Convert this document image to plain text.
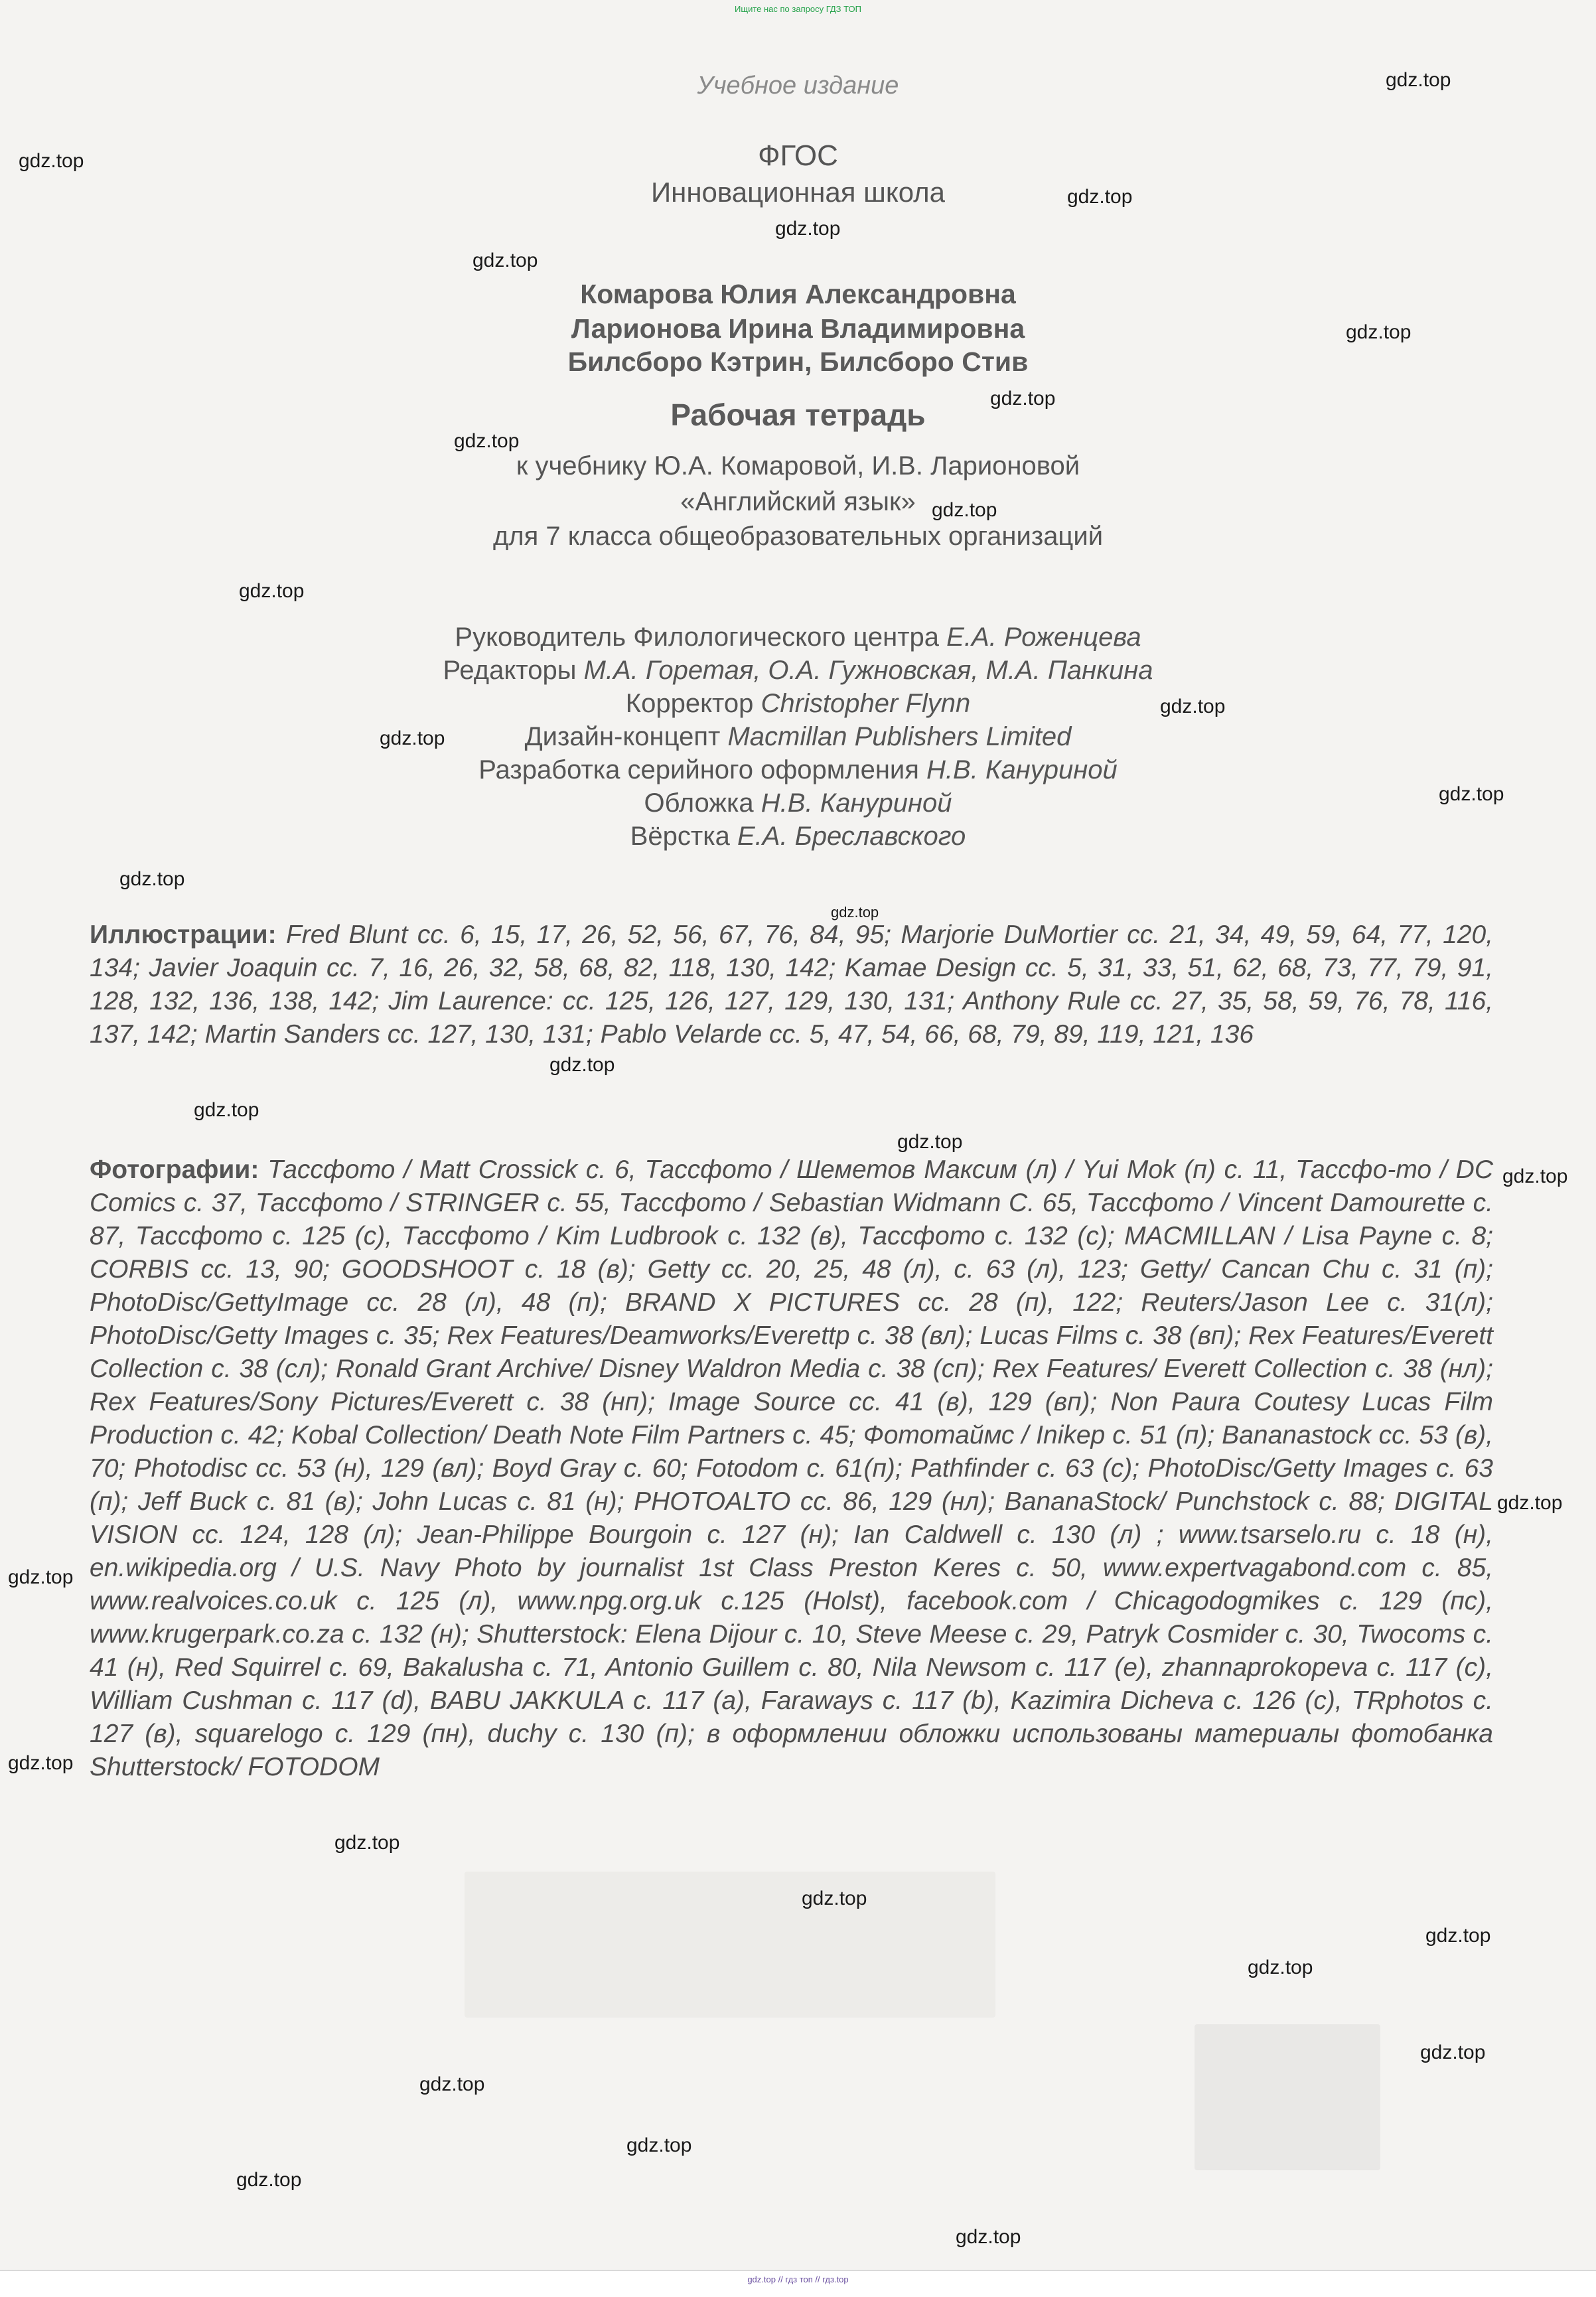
Ищите нас по запросу ГДЗ ТОП
Учебное издание
ФГОС
Инновационная школа
Комарова Юлия Александровна
Ларионова Ирина Владимировна
Билсборо Кэтрин, Билсборо Стив
Рабочая тетрадь
к учебнику Ю.А. Комаровой, И.В. Ларионовой
«Английский язык»
для 7 класса общеобразовательных организаций
Руководитель Филологического центра Е.А. Роженцева
Редакторы М.А. Горетая, О.А. Гужновская, М.А. Панкина
Корректор Christopher Flynn
Дизайн-концепт Macmillan Publishers Limited
Разработка серийного оформления Н.В. Кануриной
Обложка Н.В. Кануриной
Вёрстка Е.А. Бреславского
Иллюстрации: Fred Blunt cc. 6, 15, 17, 26, 52, 56, 67, 76, 84, 95; Marjorie DuMortier cc. 21, 34, 49, 59, 64, 77, 120, 134; Javier Joaquin cc. 7, 16, 26, 32, 58, 68, 82, 118, 130, 142; Kamae Design cc. 5, 31, 33, 51, 62, 68, 73, 77, 79, 91, 128, 132, 136, 138, 142; Jim Laurence: cc. 125, 126, 127, 129, 130, 131; Anthony Rule cc. 27, 35, 58, 59, 76, 78, 116, 137, 142; Martin Sanders cc. 127, 130, 131; Pablo Velarde cc. 5, 47, 54, 66, 68, 79, 89, 119, 121, 136
Фотографии: Тассфото / Matt Crossick c. 6, Тассфото / Шеметов Максим (л) / Yui Mok (п) c. 11, Тассфо-то / DC Comics c. 37, Тассфото / STRINGER c. 55, Тассфото / Sebastian Widmann C. 65, Тассфото / Vincent Damourette c. 87, Тассфото c. 125 (c), Тассфото / Kim Ludbrook c. 132 (в), Тассфото c. 132 (c); MACMILLAN / Lisa Payne c. 8; CORBIS cc. 13, 90; GOODSHOOT c. 18 (в); Getty cc. 20, 25, 48 (л), c. 63 (л), 123; Getty/ Cancan Chu c. 31 (п); PhotoDisc/GettyImage cc. 28 (л), 48 (п); BRAND X PICTURES cc. 28 (п), 122; Reuters/Jason Lee c. 31(л); PhotoDisc/Getty Images c. 35; Rex Features/Deamworks/Everettp c. 38 (вл); Lucas Films c. 38 (вп); Rex Features/Everett Collection c. 38 (сл); Ronald Grant Archive/ Disney Waldron Media c. 38 (сп); Rex Features/ Everett Collection c. 38 (нл); Rex Features/Sony Pictures/Everett c. 38 (нп); Image Source cc. 41 (в), 129 (вп); Non Paura Coutesy Lucas Film Production c. 42; Kobal Collection/ Death Note Film Partners c. 45; Фототаймс / Inikep c. 51 (п); Bananastock cc. 53 (в), 70; Photodisc cc. 53 (н), 129 (вл); Boyd Gray c. 60; Fotodom c. 61(п); Pathfinder c. 63 (c); PhotoDisc/Getty Images c. 63 (п); Jeff Buck c. 81 (в); John Lucas c. 81 (н); PHOTOALTO cc. 86, 129 (нл); BananaStock/ Punchstock c. 88; DIGITAL VISION cc. 124, 128 (л); Jean-Philippe Bourgoin c. 127 (н); Ian Caldwell c. 130 (л) ; www.tsarselo.ru c. 18 (н), en.wikipedia.org / U.S. Navy Photo by journalist 1st Class Preston Keres c. 50, www.expertvagabond.com c. 85, www.realvoices.co.uk c. 125 (л), www.npg.org.uk c.125 (Holst), facebook.com / Chicagodogmikes c. 129 (пс), www.krugerpark.co.za c. 132 (н); Shutterstock: Elena Dijour c. 10, Steve Meese c. 29, Patryk Cosmider c. 30, Twocoms c. 41 (н), Red Squirrel c. 69, Bakalusha c. 71, Antonio Guillem c. 80, Nila Newsom c. 117 (e), zhannaprokopeva c. 117 (c), William Cushman c. 117 (d), BABU JAKKULA c. 117 (a), Faraways c. 117 (b), Kazimira Dicheva c. 126 (c), TRphotos c. 127 (в), squarelogo c. 129 (пн), duchy c. 130 (п); в оформлении обложки использованы материалы фотобанка Shutterstock/ FOTODOM
gdz.top
gdz.top
gdz.top
gdz.top
gdz.top
gdz.top
gdz.top
gdz.top
gdz.top
gdz.top
gdz.top
gdz.top
gdz.top
gdz.top
gdz.top
gdz.top
gdz.top
gdz.top
gdz.top
gdz.top
gdz.top
gdz.top
gdz.top
gdz.top
gdz.top
gdz.top
gdz.top
gdz.top
gdz.top
gdz.top
gdz.top
gdz.top // гдз топ // гдз.top
